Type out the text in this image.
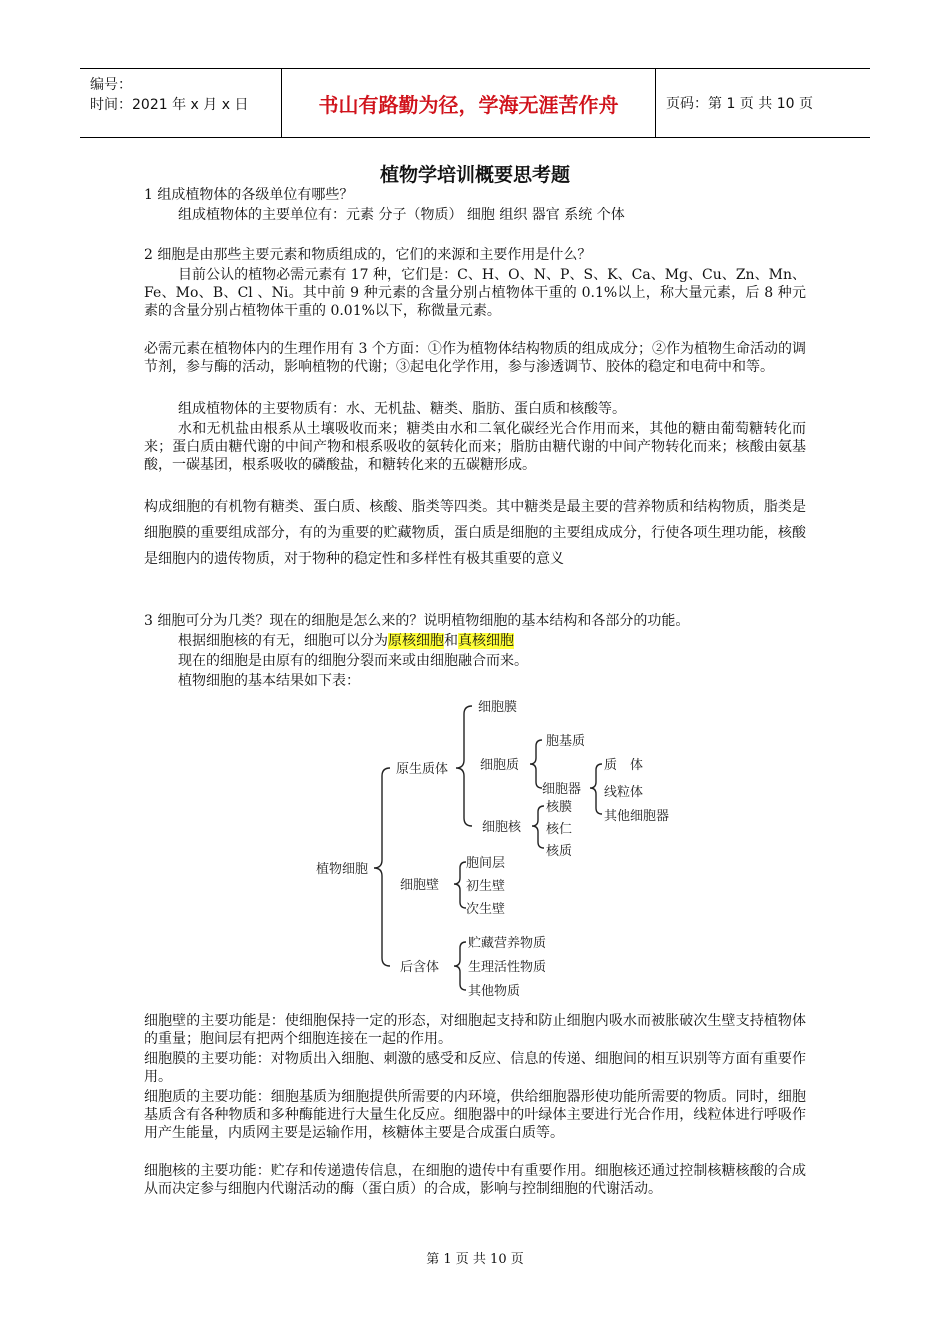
编号：
时间：2021 年 x 月 x 日	书山有路勤为径，学海无涯苦作舟	页码：第 1 页 共 10 页
植物学培训概要思考题
1 组成植物体的各级单位有哪些？
组成植物体的主要单位有：元素 分子（物质） 细胞 组织 器官 系统 个体
2 细胞是由那些主要元素和物质组成的，它们的来源和主要作用是什么？
目前公认的植物必需元素有 17 种，它们是：C、H、O、N、P、S、K、Ca、Mg、Cu、Zn、Mn、Fe、Mo、B、Cl 、Ni。其中前 9 种元素的含量分别占植物体干重的 0.1%以上，称大量元素，后 8 种元素的含量分别占植物体干重的 0.01%以下，称微量元素。
必需元素在植物体内的生理作用有 3 个方面：①作为植物体结构物质的组成成分；②作为植物生命活动的调节剂，参与酶的活动，影响植物的代谢；③起电化学作用，参与渗透调节、胶体的稳定和电荷中和等。
组成植物体的主要物质有：水、无机盐、糖类、脂肪、蛋白质和核酸等。
水和无机盐由根系从土壤吸收而来；糖类由水和二氧化碳经光合作用而来，其他的糖由葡萄糖转化而来；蛋白质由糖代谢的中间产物和根系吸收的氨转化而来；脂肪由糖代谢的中间产物转化而来；核酸由氨基酸，一碳基团，根系吸收的磷酸盐，和糖转化来的五碳糖形成。
构成细胞的有机物有糖类、蛋白质、核酸、脂类等四类。其中糖类是最主要的营养物质和结构物质，脂类是细胞膜的重要组成部分，有的为重要的贮藏物质，蛋白质是细胞的主要组成成分，行使各项生理功能，核酸是细胞内的遗传物质，对于物种的稳定性和多样性有极其重要的意义
3 细胞可分为几类？现在的细胞是怎么来的？说明植物细胞的基本结构和各部分的功能。
根据细胞核的有无，细胞可以分为原核细胞和真核细胞
现在的细胞是由原有的细胞分裂而来或由细胞融合而来。
植物细胞的基本结果如下表：
植物细胞
原生质体
细胞膜
细胞质
胞基质
细胞器
质　体
线粒体
其他细胞器
细胞核
核膜
核仁
核质
细胞壁
胞间层
初生壁
次生壁
后含体
贮藏营养物质
生理活性物质
其他物质
细胞壁的主要功能是：使细胞保持一定的形态，对细胞起支持和防止细胞内吸水而被胀破次生壁支持植物体的重量；胞间层有把两个细胞连接在一起的作用。
细胞膜的主要功能：对物质出入细胞、刺激的感受和反应、信息的传递、细胞间的相互识别等方面有重要作用。
细胞质的主要功能：细胞基质为细胞提供所需要的内环境，供给细胞器形使功能所需要的物质。同时，细胞基质含有各种物质和多种酶能进行大量生化反应。细胞器中的叶绿体主要进行光合作用，线粒体进行呼吸作用产生能量，内质网主要是运输作用，核糖体主要是合成蛋白质等。
细胞核的主要功能：贮存和传递遗传信息，在细胞的遗传中有重要作用。细胞核还通过控制核糖核酸的合成从而决定参与细胞内代谢活动的酶（蛋白质）的合成，影响与控制细胞的代谢活动。
第 1 页 共 10 页
